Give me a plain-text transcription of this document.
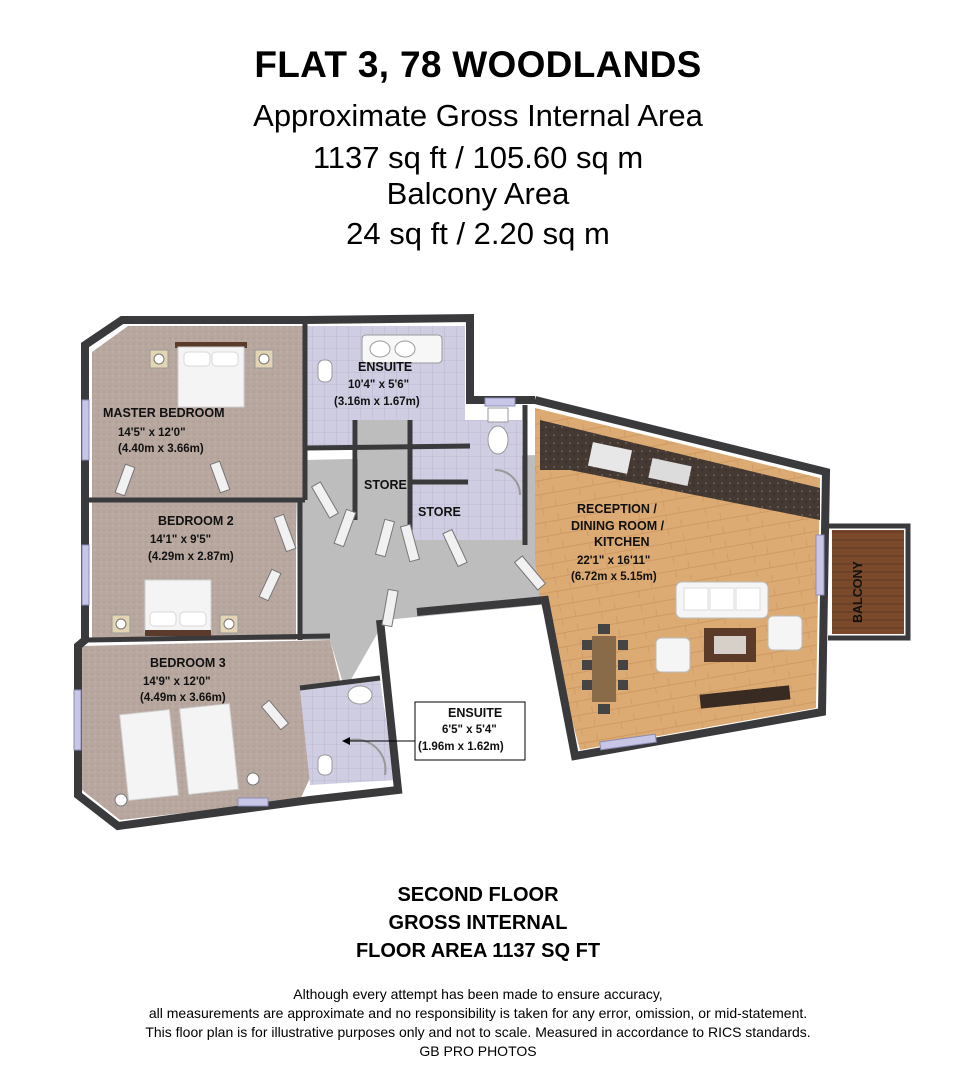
FLAT 3, 78 WOODLANDS
Approximate Gross Internal Area
1137 sq ft / 105.60 sq m
Balcony Area
24 sq ft / 2.20 sq m
MASTER BEDROOM
14'5" x 12'0"
(4.40m x 3.66m)
ENSUITE
10'4" x 5'6"
(3.16m x 1.67m)
BEDROOM 2
14'1" x 9'5"
(4.29m x 2.87m)
BEDROOM 3
14'9" x 12'0"
(4.49m x 3.66m)
STORE
STORE	RECEPTION /
DINING ROOM /
KITCHEN
22'1" x 16'11"
(6.72m x 5.15m)	BALCONY
ENSUITE
6'5" x 5'4"
(1.96m x 1.62m)
SECOND FLOOR
GROSS INTERNAL
FLOOR AREA 1137 SQ FT
Although every attempt has been made to ensure accuracy,
all measurements are approximate and no responsibility is taken for any error, omission, or mid-statement.
This floor plan is for illustrative purposes only and not to scale. Measured in accordance to RICS standards.
GB PRO PHOTOS
